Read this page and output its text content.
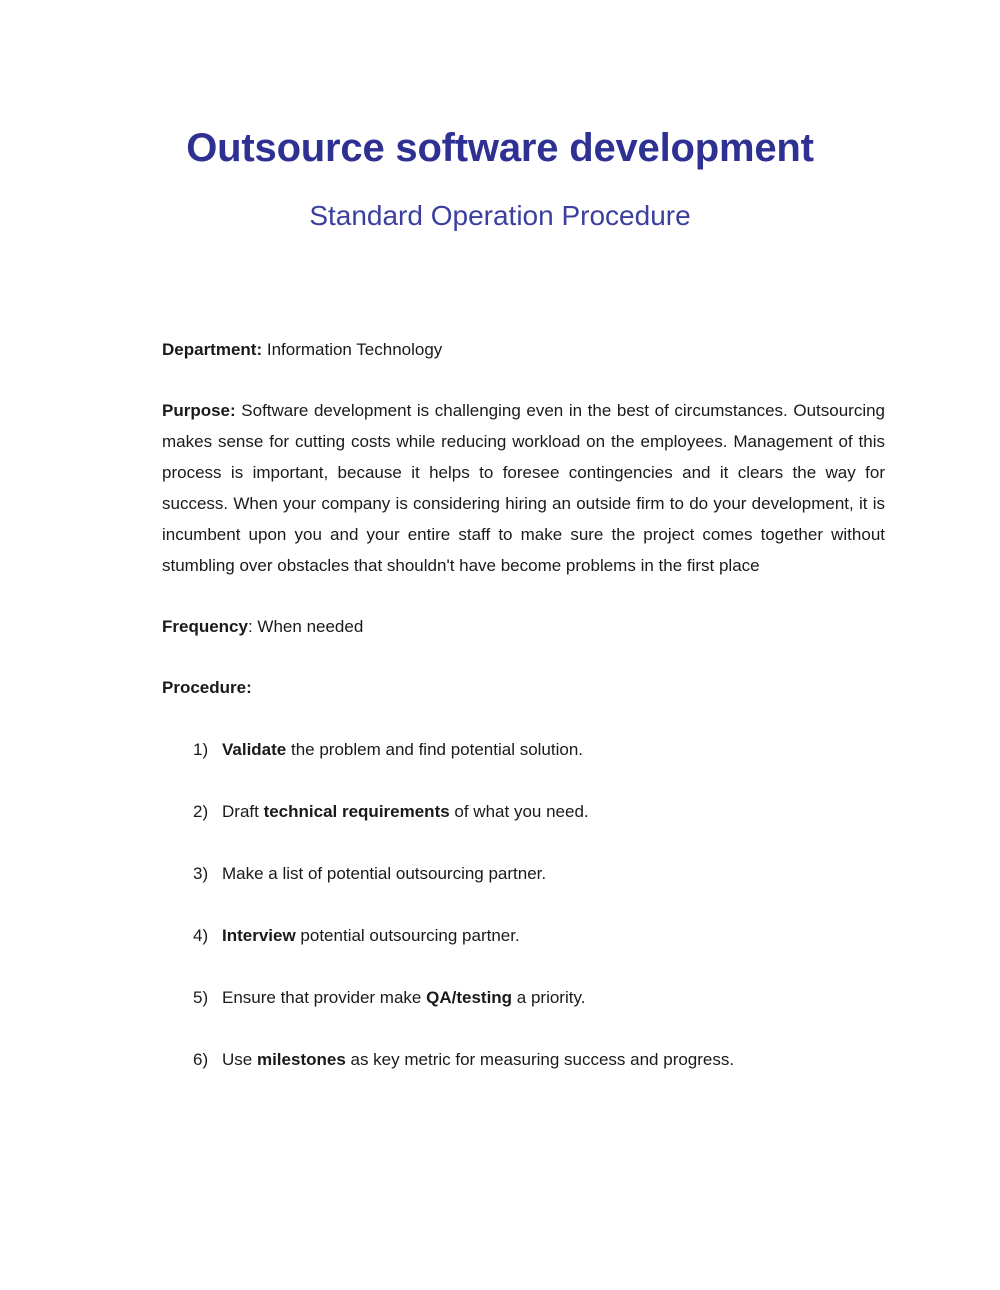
Outsource software development
Standard Operation Procedure

Department: Information Technology

Purpose: Software development is challenging even in the best of circumstances. Outsourcing makes sense for cutting costs while reducing workload on the employees. Management of this process is important, because it helps to foresee contingencies and it clears the way for success. When your company is considering hiring an outside firm to do your development, it is incumbent upon you and your entire staff to make sure the project comes together without stumbling over obstacles that shouldn't have become problems in the first place

Frequency: When needed

Procedure:

1) Validate the problem and find potential solution.
2) Draft technical requirements of what you need.
3) Make a list of potential outsourcing partner.
4) Interview potential outsourcing partner.
5) Ensure that provider make QA/testing a priority.
6) Use milestones as key metric for measuring success and progress.
